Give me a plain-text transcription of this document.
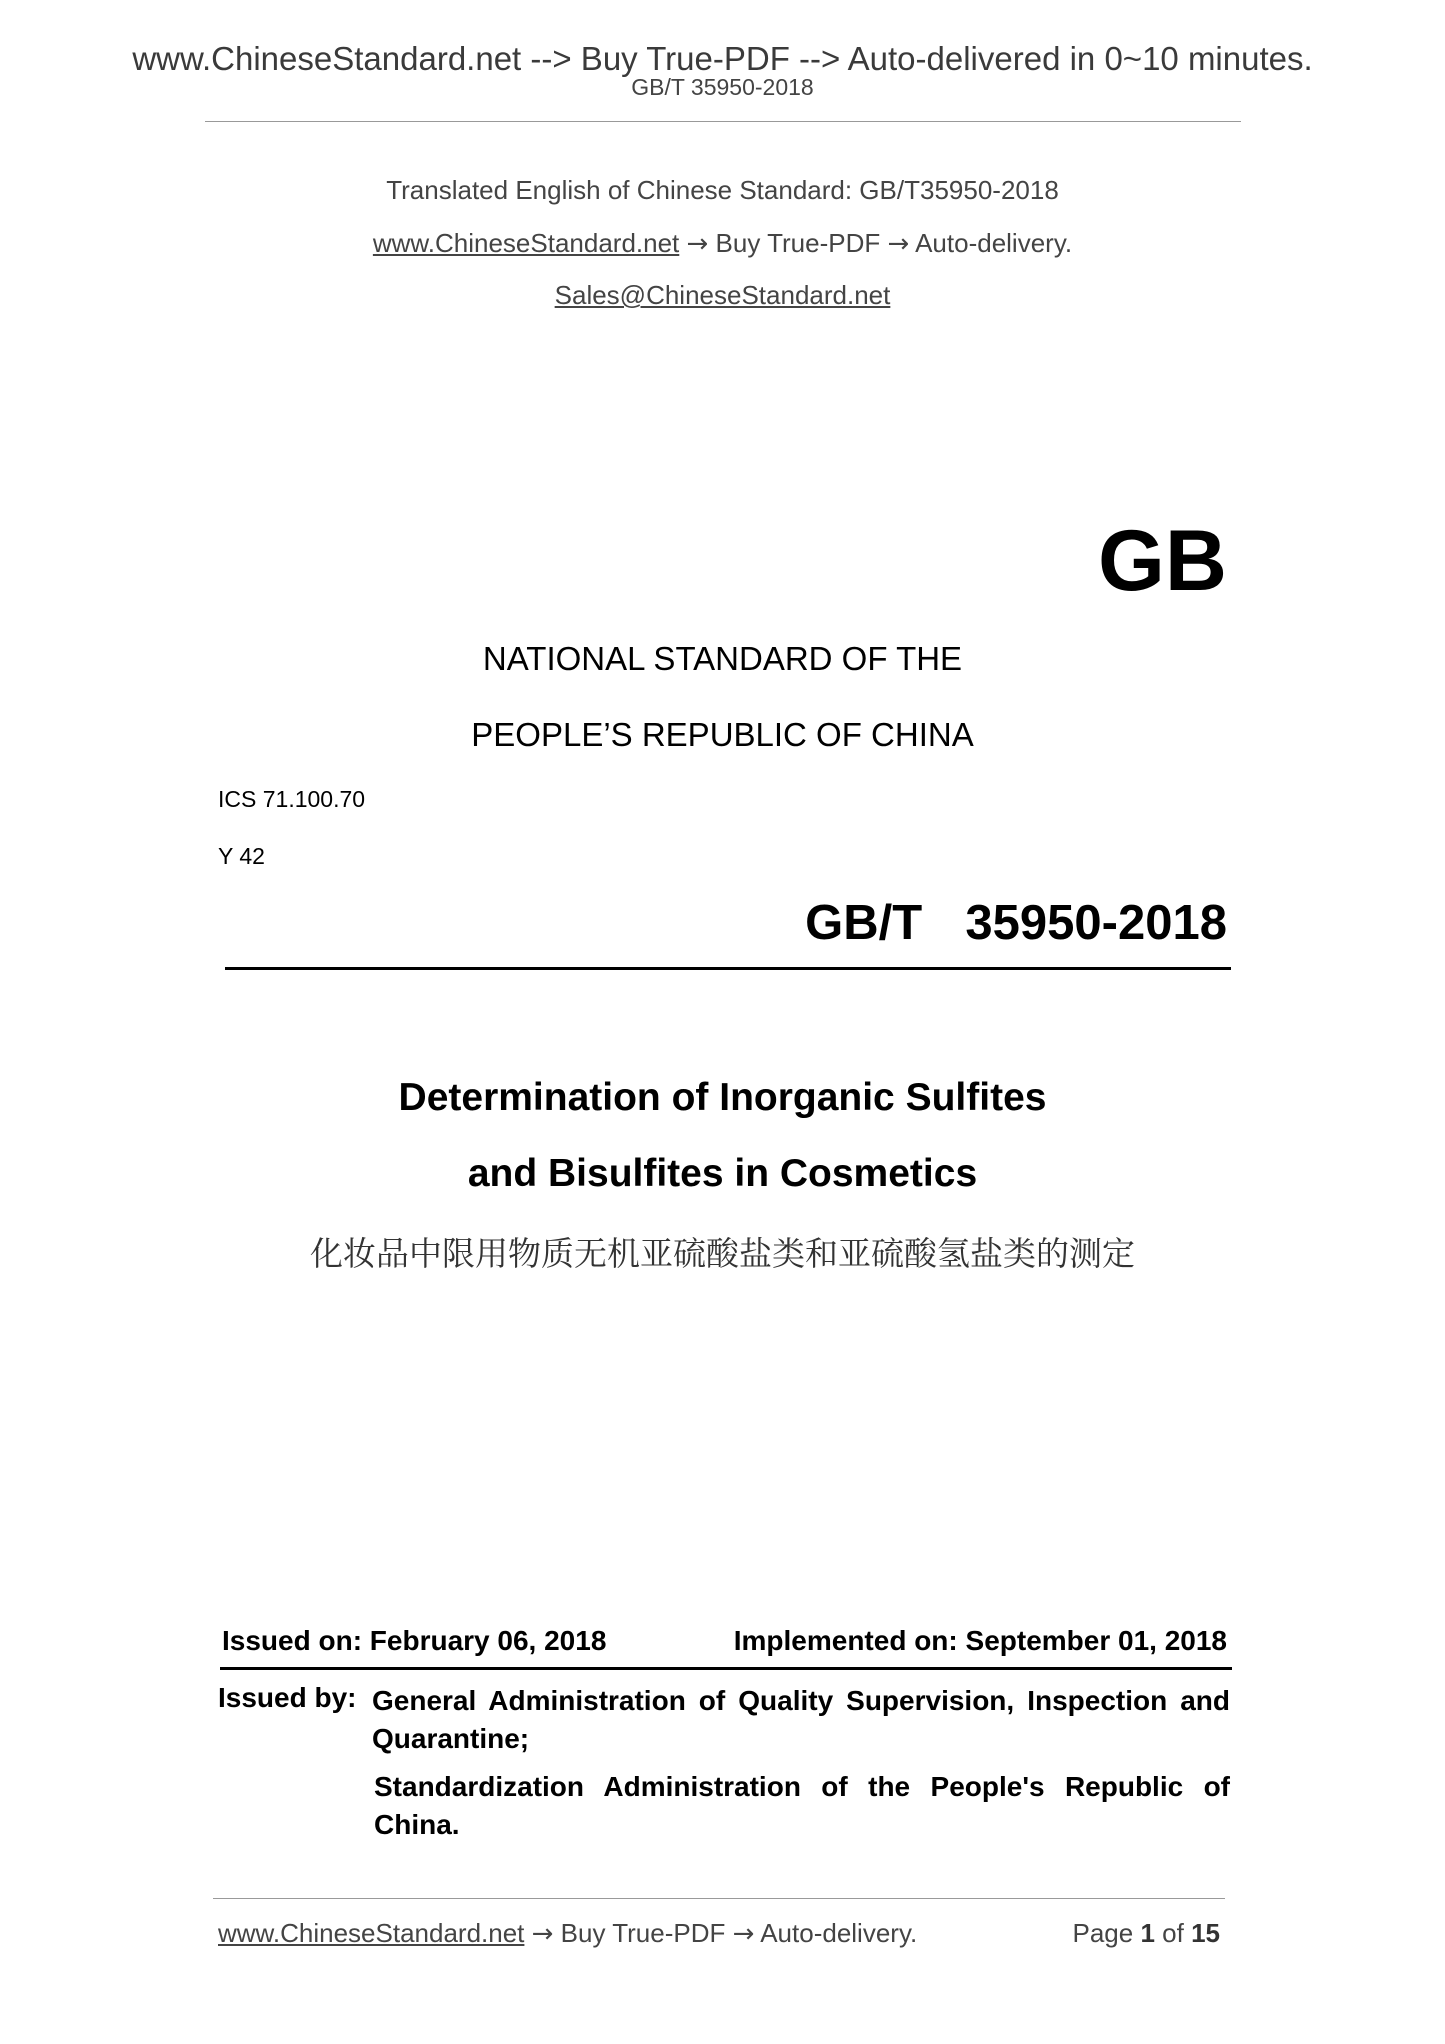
www.ChineseStandard.net --> Buy True-PDF --> Auto-delivered in 0~10 minutes.
GB/T 35950-2018
Translated English of Chinese Standard: GB/T35950-2018
www.ChineseStandard.net → Buy True-PDF → Auto-delivery.
Sales@ChineseStandard.net
GB
NATIONAL STANDARD OF THE
PEOPLE’S REPUBLIC OF CHINA
ICS 71.100.70
Y 42
GB/T  35950-2018
Determination of Inorganic Sulfites
and Bisulfites in Cosmetics
化妆品中限用物质无机亚硫酸盐类和亚硫酸氢盐类的测定
Issued on: February 06, 2018	Implemented on: September 01, 2018
Issued by: General Administration of Quality Supervision, Inspection and Quarantine;
Standardization Administration of the People's Republic of China.
www.ChineseStandard.net → Buy True-PDF → Auto-delivery.	Page 1 of 15
